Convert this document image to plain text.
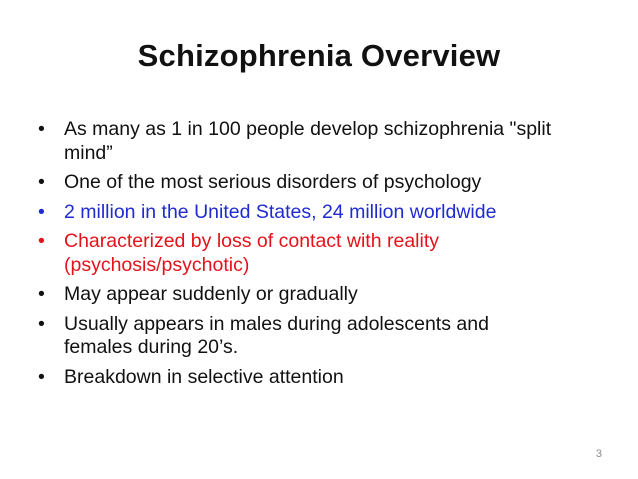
Schizophrenia Overview
• As many as 1 in 100 people develop schizophrenia "split mind”
• One of the most serious disorders of psychology
• 2 million in the United States, 24 million worldwide
• Characterized by loss of contact with reality (psychosis/psychotic)
• May appear suddenly or gradually
• Usually appears in males during adolescents and females during 20’s.
• Breakdown in selective attention
3
